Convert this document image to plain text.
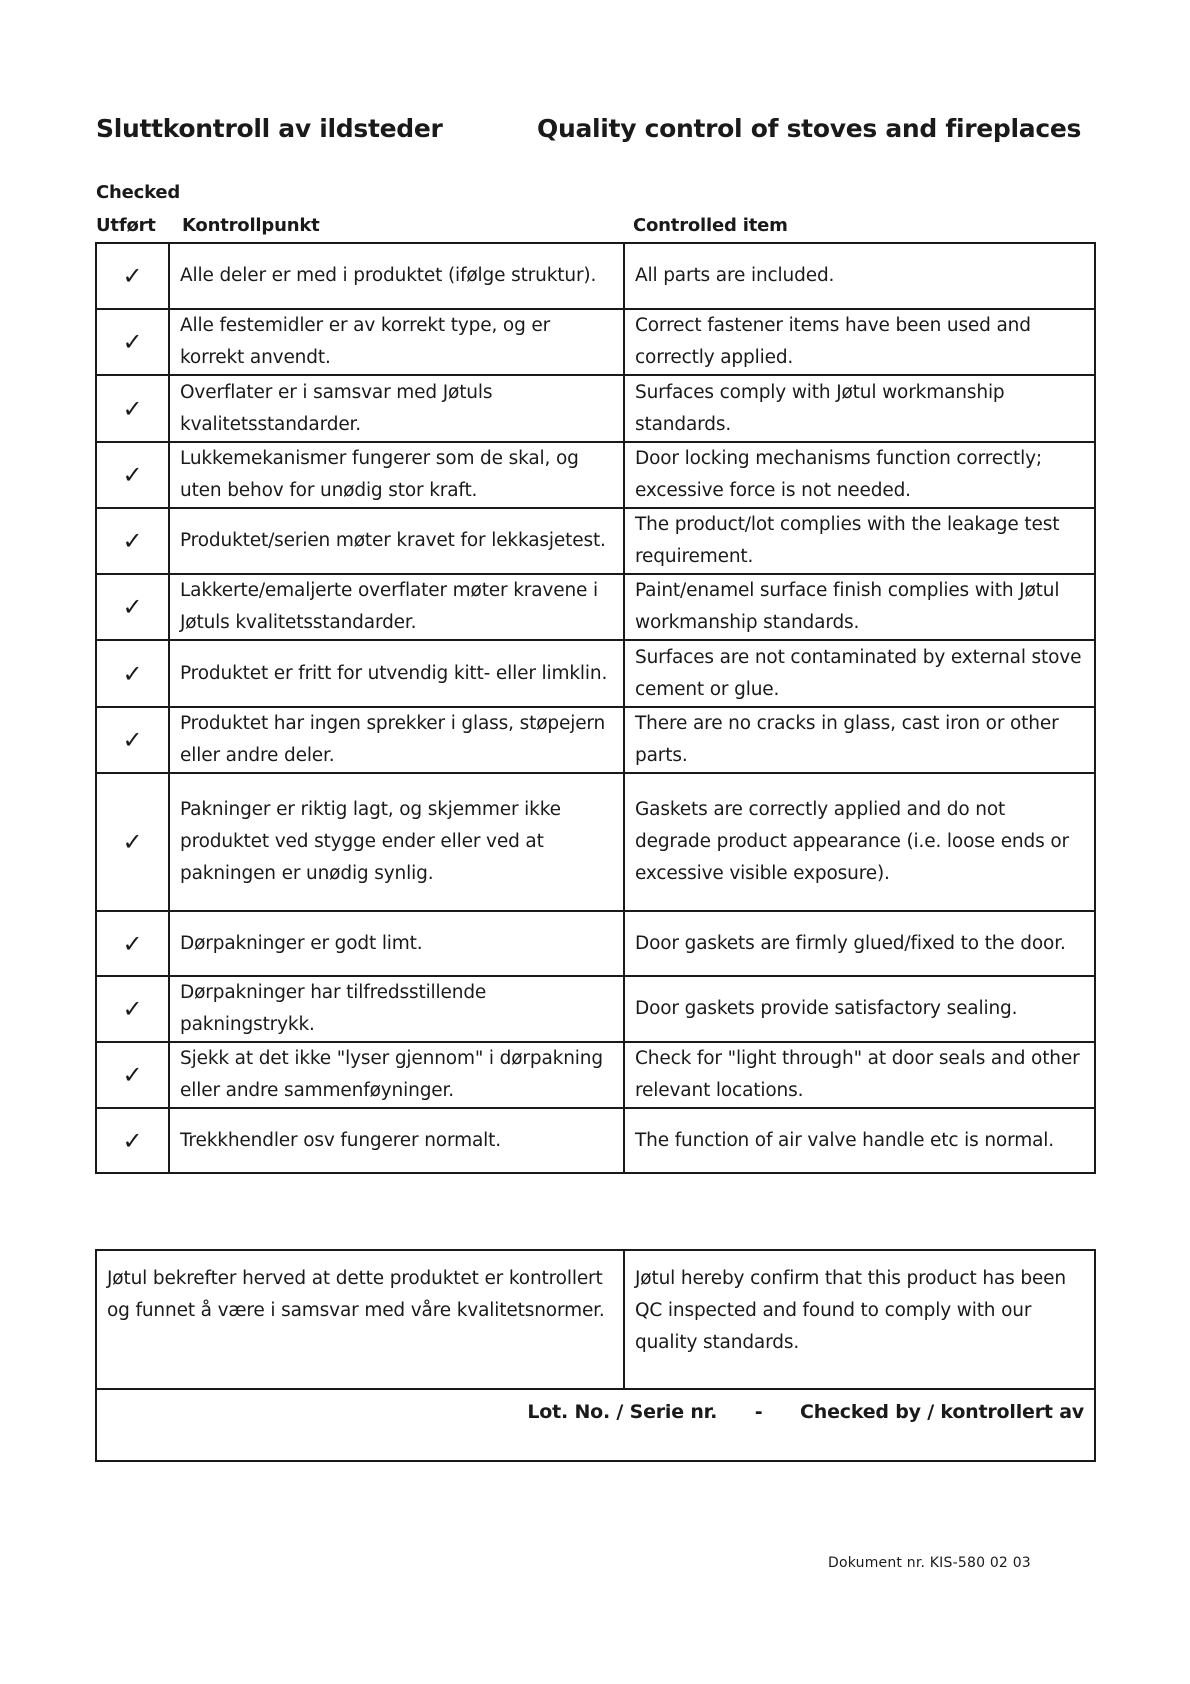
Sluttkontroll av ildsteder	Quality control of stoves and fireplaces
Checked
Utført Kontrollpunkt	Controlled item
✓	Alle deler er med i produktet (ifølge struktur).	All parts are included.
✓	Alle festemidler er av korrekt type, og er korrekt anvendt.	Correct fastener items have been used and correctly applied.
✓	Overflater er i samsvar med Jøtuls kvalitetsstandarder.	Surfaces comply with Jøtul workmanship standards.
✓	Lukkemekanismer fungerer som de skal, og uten behov for unødig stor kraft.	Door locking mechanisms function correctly; excessive force is not needed.
✓	Produktet/serien møter kravet for lekkasjetest.	The product/lot complies with the leakage test requirement.
✓	Lakkerte/emaljerte overflater møter kravene i Jøtuls kvalitetsstandarder.	Paint/enamel surface finish complies with Jøtul workmanship standards.
✓	Produktet er fritt for utvendig kitt- eller limklin.	Surfaces are not contaminated by external stove cement or glue.
✓	Produktet har ingen sprekker i glass, støpejern eller andre deler.	There are no cracks in glass, cast iron or other parts.
✓	Pakninger er riktig lagt, og skjemmer ikke produktet ved stygge ender eller ved at pakningen er unødig synlig.	Gaskets are correctly applied and do not degrade product appearance (i.e. loose ends or excessive visible exposure).
✓	Dørpakninger er godt limt.	Door gaskets are firmly glued/fixed to the door.
✓	Dørpakninger har tilfredsstillende pakningstrykk.	Door gaskets provide satisfactory sealing.
✓	Sjekk at det ikke "lyser gjennom" i dørpakning eller andre sammenføyninger.	Check for "light through" at door seals and other relevant locations.
✓	Trekkhendler osv fungerer normalt.	The function of air valve handle etc is normal.
Jøtul bekrefter herved at dette produktet er kontrollert og funnet å være i samsvar med våre kvalitetsnormer.	Jøtul hereby confirm that this product has been QC inspected and found to comply with our quality standards.

Lot. No. / Serie nr. - Checked by / kontrollert av
Dokument nr. KIS-580 02 03
